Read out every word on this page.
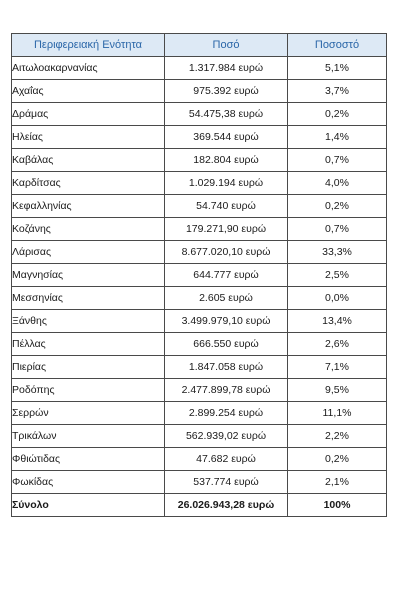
Περιφερειακή Ενότητα	Ποσό	Ποσοστό
Αιτωλοακαρνανίας	1.317.984 ευρώ	5,1%
Αχαΐας	975.392 ευρώ	3,7%
Δράμας	54.475,38 ευρώ	0,2%
Ηλείας	369.544 ευρώ	1,4%
Καβάλας	182.804 ευρώ	0,7%
Καρδίτσας	1.029.194 ευρώ	4,0%
Κεφαλληνίας	54.740 ευρώ	0,2%
Κοζάνης	179.271,90 ευρώ	0,7%
Λάρισας	8.677.020,10 ευρώ	33,3%
Μαγνησίας	644.777 ευρώ	2,5%
Μεσσηνίας	2.605 ευρώ	0,0%
Ξάνθης	3.499.979,10 ευρώ	13,4%
Πέλλας	666.550 ευρώ	2,6%
Πιερίας	1.847.058 ευρώ	7,1%
Ροδόπης	2.477.899,78 ευρώ	9,5%
Σερρών	2.899.254 ευρώ	11,1%
Τρικάλων	562.939,02 ευρώ	2,2%
Φθιώτιδας	47.682 ευρώ	0,2%
Φωκίδας	537.774 ευρώ	2,1%
Σύνολο	26.026.943,28 ευρώ	100%
